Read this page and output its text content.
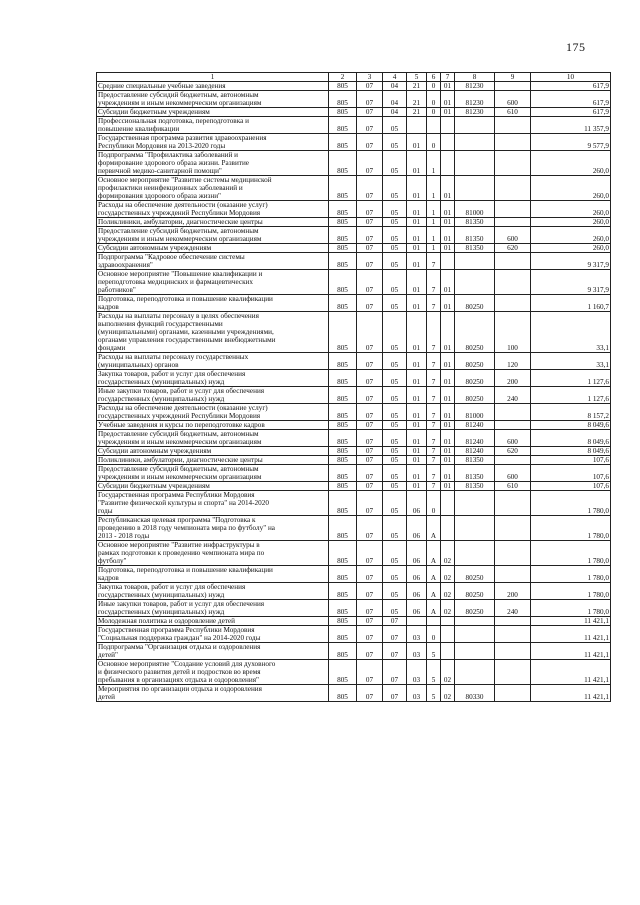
175
1	2	3	4	5	6	7	8	9	10

Средние специальные учебные заведения	805	07	04	21	0	01	81230		617,9

Предоставление субсидий бюджетным, автономным
учреждениям и иным некоммерческим организациям	805	07	04	21	0	01	81230	600	617,9

Субсидии бюджетным учреждениям	805	07	04	21	0	01	81230	610	617,9

Профессиональная подготовка, переподготовка и
повышение квалификации	805	07	05						11 357,9

Государственная программа развития здравоохранения
Республики Мордовия на 2013-2020 годы	805	07	05	01	0				9 577,9

Подпрограмма "Профилактика заболеваний и
формирование здорового образа жизни. Развитие
первичной медико-санитарной помощи"	805	07	05	01	1				260,0

Основное мероприятие "Развитие системы медицинской
профилактики неинфекционных заболеваний и
формирования здорового образа жизни"	805	07	05	01	1	01			260,0

Расходы на обеспечение деятельности (оказание услуг)
государственных учреждений Республики Мордовия	805	07	05	01	1	01	81000		260,0

Поликлиники, амбулатории, диагностические центры	805	07	05	01	1	01	81350		260,0

Предоставление субсидий бюджетным, автономным
учреждениям и иным некоммерческим организациям	805	07	05	01	1	01	81350	600	260,0

Субсидии автономным учреждениям	805	07	05	01	1	01	81350	620	260,0

Подпрограмма "Кадровое обеспечение системы
здравоохранения"	805	07	05	01	7				9 317,9

Основное мероприятие "Повышение квалификации и
переподготовка медицинских и фармацевтических
работников"	805	07	05	01	7	01			9 317,9

Подготовка, переподготовка и повышение квалификации
кадров	805	07	05	01	7	01	80250		1 160,7

Расходы на выплаты персоналу в целях обеспечения
выполнения функций государственными
(муниципальными) органами, казенными учреждениями,
органами управления государственными внебюджетными
фондами	805	07	05	01	7	01	80250	100	33,1

Расходы на выплаты персоналу государственных
(муниципальных) органов	805	07	05	01	7	01	80250	120	33,1

Закупка товаров, работ и услуг для обеспечения
государственных (муниципальных) нужд	805	07	05	01	7	01	80250	200	1 127,6

Иные закупки товаров, работ и услуг для обеспечения
государственных (муниципальных) нужд	805	07	05	01	7	01	80250	240	1 127,6

Расходы на обеспечение деятельности (оказание услуг)
государственных учреждений Республики Мордовия	805	07	05	01	7	01	81000		8 157,2

Учебные заведения и курсы по переподготовке кадров	805	07	05	01	7	01	81240		8 049,6

Предоставление субсидий бюджетным, автономным
учреждениям и иным некоммерческим организациям	805	07	05	01	7	01	81240	600	8 049,6

Субсидии автономным учреждениям	805	07	05	01	7	01	81240	620	8 049,6

Поликлиники, амбулатории, диагностические центры	805	07	05	01	7	01	81350		107,6

Предоставление субсидий бюджетным, автономным
учреждениям и иным некоммерческим организациям	805	07	05	01	7	01	81350	600	107,6

Субсидии бюджетным учреждениям	805	07	05	01	7	01	81350	610	107,6

Государственная программа Республики Мордовия
"Развитие физической культуры и спорта" на 2014-2020
годы	805	07	05	06	0				1 780,0

Республиканская целевая программа "Подготовка к
проведению в 2018 году чемпионата мира по футболу" на
2013 - 2018 годы	805	07	05	06	А				1 780,0

Основное мероприятие "Развитие инфраструктуры в
рамках подготовки к проведению чемпионата мира по
футболу"	805	07	05	06	А	02			1 780,0

Подготовка, переподготовка и повышение квалификации
кадров	805	07	05	06	А	02	80250		1 780,0

Закупка товаров, работ и услуг для обеспечения
государственных (муниципальных) нужд	805	07	05	06	А	02	80250	200	1 780,0

Иные закупки товаров, работ и услуг для обеспечения
государственных (муниципальных) нужд	805	07	05	06	А	02	80250	240	1 780,0

Молодежная политика и оздоровление детей	805	07	07						11 421,1

Государственная программа Республики Мордовия
"Социальная поддержка граждан" на 2014-2020 годы	805	07	07	03	0				11 421,1

Подпрограмма "Организация отдыха и оздоровления
детей"	805	07	07	03	5				11 421,1

Основное мероприятие "Создание условий для духовного
и физического развития детей и подростков во время
пребывания в организациях отдыха и оздоровления"	805	07	07	03	5	02			11 421,1

Мероприятия по организации отдыха и оздоровления
детей	805	07	07	03	5	02	80330		11 421,1
